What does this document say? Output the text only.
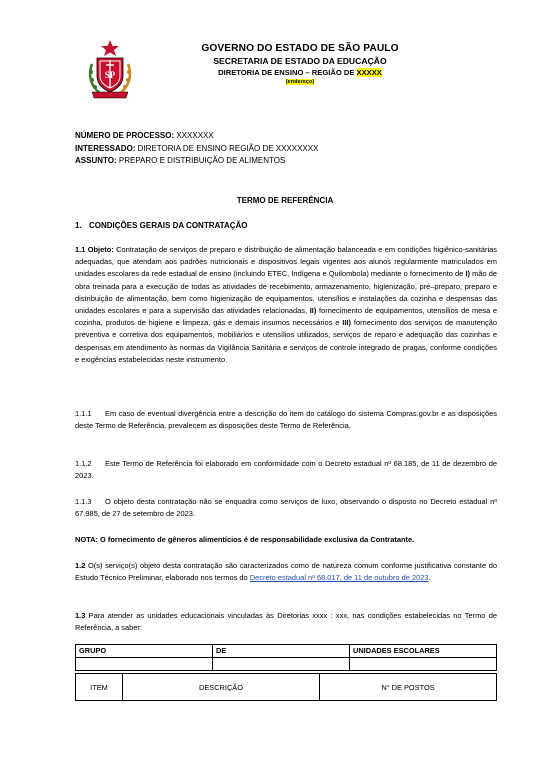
SP
GOVERNO DO ESTADO DE SÃO PAULO
SECRETARIA DE ESTADO DA EDUCAÇÃO
DIRETORIA DE ENSINO – REGIÃO DE XXXXX
(endereço)
NÚMERO DE PROCESSO: XXXXXXX
INTERESSADO: DIRETORIA DE ENSINO REGIÃO DE XXXXXXXX
ASSUNTO: PREPARO E DISTRIBUIÇÃO DE ALIMENTOS
TERMO DE REFERÊNCIA
1. CONDIÇÕES GERAIS DA CONTRATAÇÃO
1.1 Objeto: Contratação de serviços de preparo e distribuição de alimentação balanceada e em condições higiênico-sanitárias adequadas, que atendam aos padrões nutricionais e dispositivos legais vigentes aos alunos regularmente matriculados em unidades escolares da rede estadual de ensino (incluindo ETEC, Indígena e Quilombola) mediante o fornecimento de I) mão de obra treinada para a execução de todas as atividades de recebimento, armazenamento, higienização, pré–preparo, preparo e distribuição de alimentação, bem como higienização de equipamentos, utensílios e instalações da cozinha e despensas das unidades escolares e para a supervisão das atividades relacionadas, II) fornecimento de equipamentos, utensílios de mesa e cozinha, produtos de higiene e limpeza, gás e demais insumos necessários e III) fornecimento dos serviços de manutenção preventiva e corretiva dos equipamentos, mobiliários e utensílios utilizados, serviços de reparo e adequação das cozinhas e despensas em atendimento às normas da Vigilância Sanitária e serviços de controle integrado de pragas, conforme condições e exigências estabelecidas neste instrumento.
1.1.1 Em caso de eventual divergência entre a descrição do item do catálogo do sistema Compras.gov.br e as disposições deste Termo de Referência, prevalecem as disposições deste Termo de Referência.
1.1.2 Este Termo de Referência foi elaborado em conformidade com o Decreto estadual nº 68.185, de 11 de dezembro de 2023.
1.1.3 O objeto desta contratação não se enquadra como serviços de luxo, observando o disposto no Decreto estadual nº 67.985, de 27 de setembro de 2023.
NOTA: O fornecimento de gêneros alimentícios é de responsabilidade exclusiva da Contratante.
1.2 O(s) serviço(s) objeto desta contratação são caracterizados como de natureza comum conforme justificativa constante do Estudo Técnico Preliminar, elaborado nos termos do Decreto estadual nº 68.017, de 11 de outubro de 2023.
1.3 Para atender as unidades educacionais vinculadas às Diretorias xxxx : xxx, nas condições estabelecidas no Termo de Referência, a saber:
GRUPO	DE	UNIDADES ESCOLARES

ITEM	DESCRIÇÃO	N° DE POSTOS
